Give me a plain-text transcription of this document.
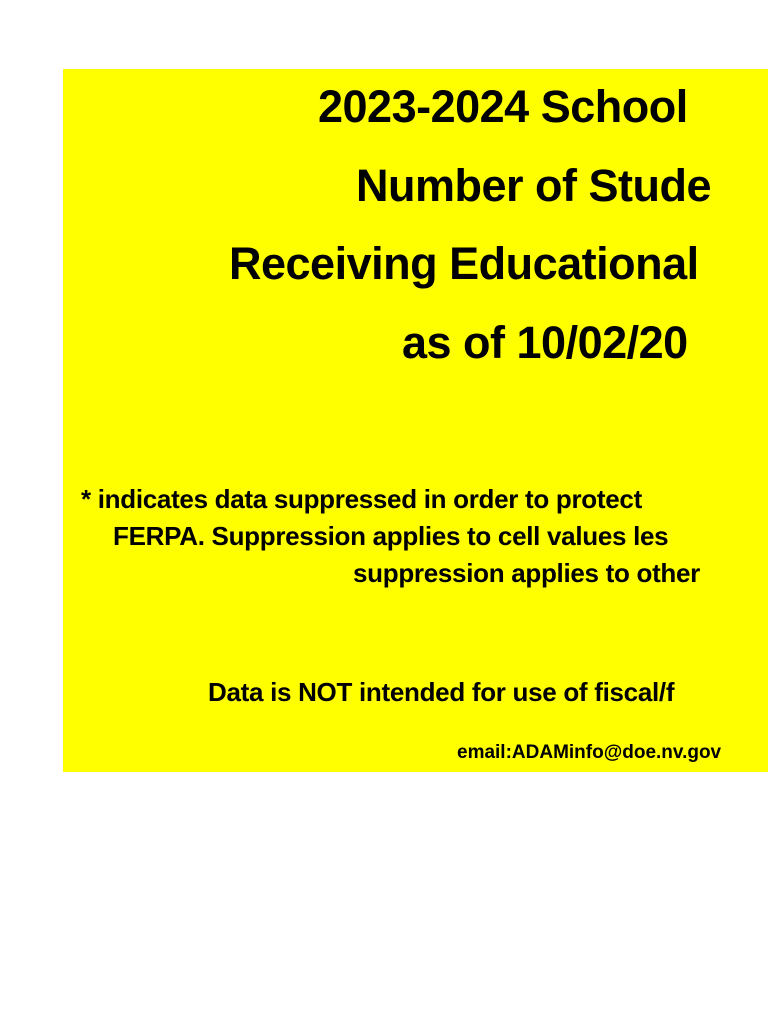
2023-2024 School
Number of Stude
Receiving Educational
as of 10/02/20
* indicates data suppressed in order to protect
FERPA. Suppression applies to cell values les
suppression applies to other
Data is NOT intended for use of fiscal/f
email:ADAMinfo@doe.nv.gov
